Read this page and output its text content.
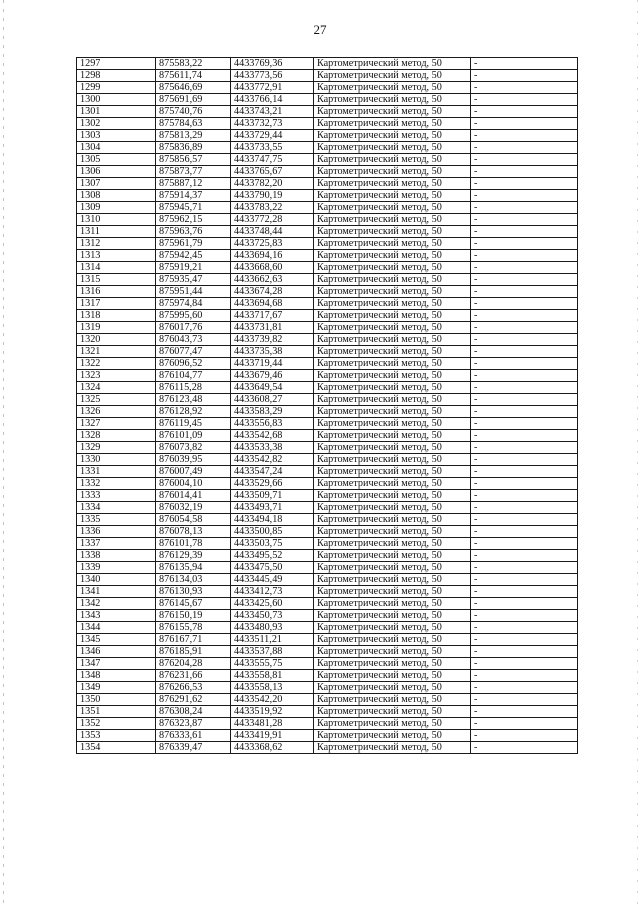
27
1297	875583,22	4433769,36	Картометрический метод, 50	-
1298	875611,74	4433773,56	Картометрический метод, 50	-
1299	875646,69	4433772,91	Картометрический метод, 50	-
1300	875691,69	4433766,14	Картометрический метод, 50	-
1301	875740,76	4433743,21	Картометрический метод, 50	-
1302	875784,63	4433732,73	Картометрический метод, 50	-
1303	875813,29	4433729,44	Картометрический метод, 50	-
1304	875836,89	4433733,55	Картометрический метод, 50	-
1305	875856,57	4433747,75	Картометрический метод, 50	-
1306	875873,77	4433765,67	Картометрический метод, 50	-
1307	875887,12	4433782,20	Картометрический метод, 50	-
1308	875914,37	4433790,19	Картометрический метод, 50	-
1309	875945,71	4433783,22	Картометрический метод, 50	-
1310	875962,15	4433772,28	Картометрический метод, 50	-
1311	875963,76	4433748,44	Картометрический метод, 50	-
1312	875961,79	4433725,83	Картометрический метод, 50	-
1313	875942,45	4433694,16	Картометрический метод, 50	-
1314	875919,21	4433668,60	Картометрический метод, 50	-
1315	875935,47	4433662,63	Картометрический метод, 50	-
1316	875951,44	4433674,28	Картометрический метод, 50	-
1317	875974,84	4433694,68	Картометрический метод, 50	-
1318	875995,60	4433717,67	Картометрический метод, 50	-
1319	876017,76	4433731,81	Картометрический метод, 50	-
1320	876043,73	4433739,82	Картометрический метод, 50	-
1321	876077,47	4433735,38	Картометрический метод, 50	-
1322	876096,52	4433719,44	Картометрический метод, 50	-
1323	876104,77	4433679,46	Картометрический метод, 50	-
1324	876115,28	4433649,54	Картометрический метод, 50	-
1325	876123,48	4433608,27	Картометрический метод, 50	-
1326	876128,92	4433583,29	Картометрический метод, 50	-
1327	876119,45	4433556,83	Картометрический метод, 50	-
1328	876101,09	4433542,68	Картометрический метод, 50	-
1329	876073,82	4433533,38	Картометрический метод, 50	-
1330	876039,95	4433542,82	Картометрический метод, 50	-
1331	876007,49	4433547,24	Картометрический метод, 50	-
1332	876004,10	4433529,66	Картометрический метод, 50	-
1333	876014,41	4433509,71	Картометрический метод, 50	-
1334	876032,19	4433493,71	Картометрический метод, 50	-
1335	876054,58	4433494,18	Картометрический метод, 50	-
1336	876078,13	4433500,85	Картометрический метод, 50	-
1337	876101,78	4433503,75	Картометрический метод, 50	-
1338	876129,39	4433495,52	Картометрический метод, 50	-
1339	876135,94	4433475,50	Картометрический метод, 50	-
1340	876134,03	4433445,49	Картометрический метод, 50	-
1341	876130,93	4433412,73	Картометрический метод, 50	-
1342	876145,67	4433425,60	Картометрический метод, 50	-
1343	876150,19	4433450,73	Картометрический метод, 50	-
1344	876155,78	4433480,93	Картометрический метод, 50	-
1345	876167,71	4433511,21	Картометрический метод, 50	-
1346	876185,91	4433537,88	Картометрический метод, 50	-
1347	876204,28	4433555,75	Картометрический метод, 50	-
1348	876231,66	4433558,81	Картометрический метод, 50	-
1349	876266,53	4433558,13	Картометрический метод, 50	-
1350	876291,62	4433542,20	Картометрический метод, 50	-
1351	876308,24	4433519,92	Картометрический метод, 50	-
1352	876323,87	4433481,28	Картометрический метод, 50	-
1353	876333,61	4433419,91	Картометрический метод, 50	-
1354	876339,47	4433368,62	Картометрический метод, 50	-
